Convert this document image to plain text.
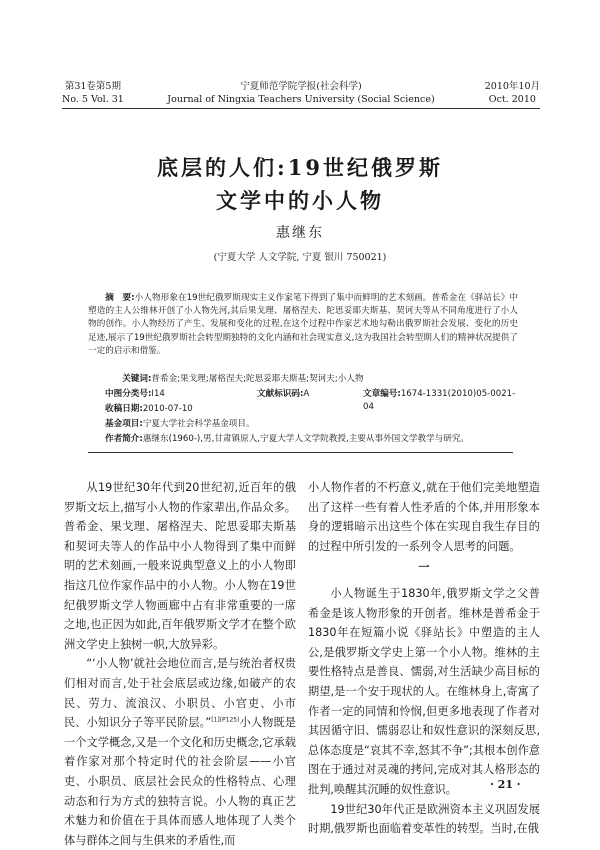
第31卷第5期
No. 5 Vol. 31
宁夏师范学院学报(社会科学)
Journal of Ningxia Teachers University (Social Science)
2010年10月
Oct. 2010
底层的人们:19世纪俄罗斯
文学中的小人物
惠继东
(宁夏大学 人文学院, 宁夏 银川 750021)
摘　要:小人物形象在19世纪俄罗斯现实主义作家笔下得到了集中而鲜明的艺术刻画。普希金在《驿站长》中塑造的主人公维林开创了小人物先河,其后果戈理、屠格涅夫、陀思妥耶夫斯基、契诃夫等从不同角度进行了小人物的创作。小人物经历了产生、发展和变化的过程,在这个过程中作家艺术地勾勒出俄罗斯社会发展、变化的历史足迹,展示了19世纪俄罗斯社会转型期独特的文化内涵和社会现实意义,这为我国社会转型期人们的精神状况提供了一定的启示和借鉴。
关键词:普希金;果戈理;屠格涅夫;陀思妥耶夫斯基;契诃夫;小人物
中图分类号:I14	文献标识码:A	文章编号:1674-1331(2010)05-0021-04
收稿日期:2010-07-10
基金项目:宁夏大学社会科学基金项目。
作者简介:惠继东(1960-),男,甘肃镇原人,宁夏大学人文学院教授,主要从事外国文学教学与研究。

从19世纪30年代到20世纪初,近百年的俄罗斯文坛上,描写小人物的作家辈出,作品众多。普希金、果戈理、屠格涅夫、陀思妥耶夫斯基和契诃夫等人的作品中小人物得到了集中而鲜明的艺术刻画,一般来说典型意义上的小人物即指这几位作家作品中的小人物。小人物在19世纪俄罗斯文学人物画廊中占有非常重要的一席之地,也正因为如此,百年俄罗斯文学才在整个欧洲文学史上独树一帜,大放异彩。

“‘小人物’就社会地位而言,是与统治者权贵们相对而言,处于社会底层或边缘,如破产的农民、劳力、流浪汉、小职员、小官吏、小市民、小知识分子等平民阶层。”$^{[1](P125)}$小人物既是一个文学概念,又是一个文化和历史概念,它承载着作家对那个特定时代的社会阶层——小官吏、小职员、底层社会民众的性格特点、心理动态和行为方式的独特言说。小人物的真正艺术魅力和价值在于具体而感人地体现了人类个体与群体之间与生俱来的矛盾性,而

小人物作者的不朽意义,就在于他们完美地塑造出了这样一些有着人性矛盾的个体,并用形象本身的逻辑暗示出这些个体在实现自我生存目的的过程中所引发的一系列令人思考的问题。

一

小人物诞生于1830年,俄罗斯文学之父普希金是该人物形象的开创者。维林是普希金于1830年在短篇小说《驿站长》中塑造的主人公,是俄罗斯文学史上第一个小人物。维林的主要性格特点是善良、懦弱,对生活缺少高目标的期望,是一个安于现状的人。在维林身上,寄寓了作者一定的同情和怜悯,但更多地表现了作者对其因循守旧、懦弱忍让和奴性意识的深刻反思,总体态度是“哀其不幸,怒其不争”;其根本创作意图在于通过对灵魂的拷问,完成对其人格形态的批判,唤醒其沉睡的奴性意识。

19世纪30年代正是欧洲资本主义巩固发展时期,俄罗斯也面临着变革性的转型。当时,在俄

· 21 ·
